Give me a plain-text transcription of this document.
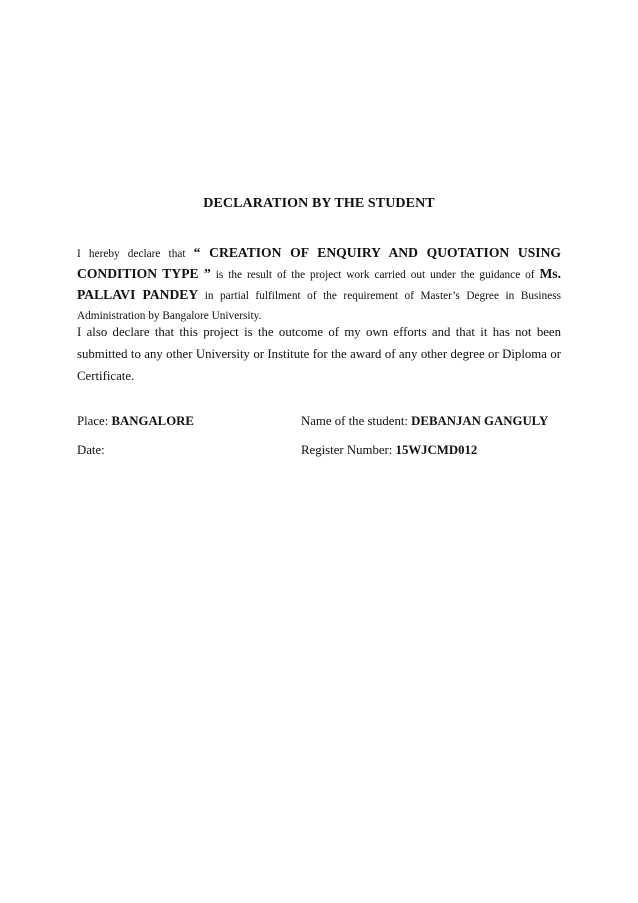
DECLARATION BY THE STUDENT
I hereby declare that “ CREATION OF ENQUIRY AND QUOTATION USING CONDITION TYPE ” is the result of the project work carried out under the guidance of Ms. PALLAVI PANDEY in partial fulfilment of the requirement of Master’s Degree in Business Administration by Bangalore University.
I also declare that this project is the outcome of my own efforts and that it has not been submitted to any other University or Institute for the award of any other degree or Diploma or Certificate.
Place: BANGALORE	Name of the student: DEBANJAN GANGULY
Date:	Register Number: 15WJCMD012
